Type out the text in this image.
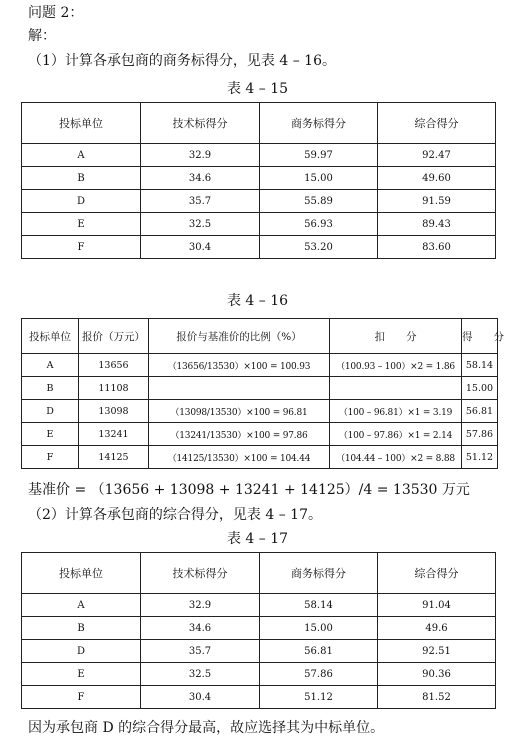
问题 2：
解：
（1）计算各承包商的商务标得分，见表 4 – 16。
表 4 – 15
投标单位	技术标得分	商务标得分	综合得分
A	32.9	59.97	92.47
B	34.6	15.00	49.60
D	35.7	55.89	91.59
E	32.5	56.93	89.43
F	30.4	53.20	83.60
表 4 – 16
投标单位	报价（万元）	报价与基准价的比例（%）	扣　　分	得　　分
A	13656	（13656/13530）×100 = 100.93	（100.93 – 100）×2 = 1.86	58.14
B	11108			15.00
D	13098	（13098/13530）×100 = 96.81	（100 – 96.81）×1 = 3.19	56.81
E	13241	（13241/13530）×100 = 97.86	（100 – 97.86）×1 = 2.14	57.86
F	14125	（14125/13530）×100 = 104.44	（104.44 – 100）×2 = 8.88	51.12
基准价 = （13656 + 13098 + 13241 + 14125）/4 = 13530 万元
（2）计算各承包商的综合得分，见表 4 – 17。
表 4 – 17
投标单位	技术标得分	商务标得分	综合得分
A	32.9	58.14	91.04
B	34.6	15.00	49.6
D	35.7	56.81	92.51
E	32.5	57.86	90.36
F	30.4	51.12	81.52
因为承包商 D 的综合得分最高，故应选择其为中标单位。
